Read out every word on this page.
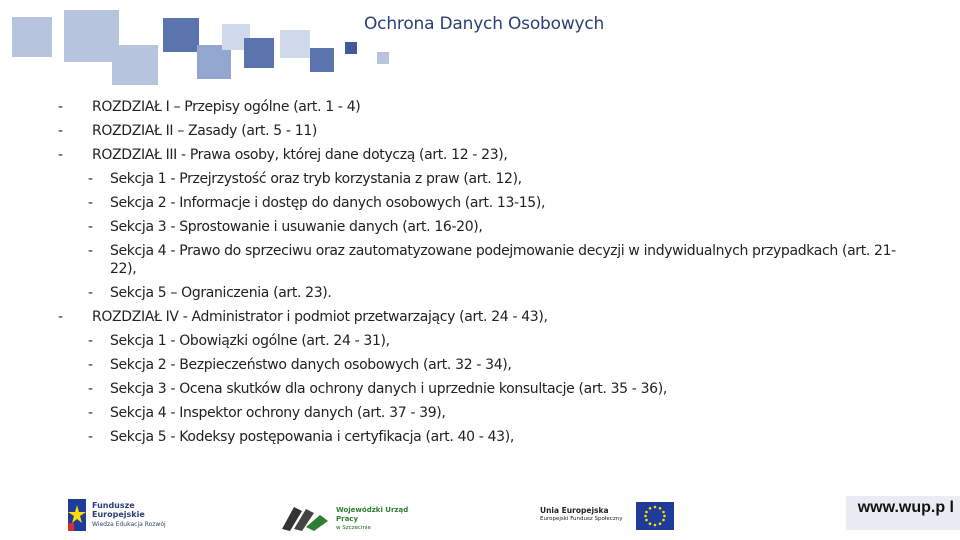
Ochrona Danych Osobowych
-	ROZDZIAŁ I – Przepisy ogólne (art. 1 - 4)
-	ROZDZIAŁ II – Zasady (art. 5 - 11)
-	ROZDZIAŁ III - Prawa osoby, której dane dotyczą (art. 12 - 23),
-	Sekcja 1 - Przejrzystość oraz tryb korzystania z praw (art. 12),
-	Sekcja 2 - Informacje i dostęp do danych osobowych (art. 13-15),
-	Sekcja 3 - Sprostowanie i usuwanie danych (art. 16-20),
-	Sekcja 4 - Prawo do sprzeciwu oraz zautomatyzowane podejmowanie decyzji w indywidualnych przypadkach (art. 21-22),
-	Sekcja 5 – Ograniczenia (art. 23).
-	ROZDZIAŁ IV - Administrator i podmiot przetwarzający (art. 24 - 43),
-	Sekcja 1 - Obowiązki ogólne (art. 24 - 31),
-	Sekcja 2 - Bezpieczeństwo danych osobowych (art. 32 - 34),
-	Sekcja 3 - Ocena skutków dla ochrony danych i uprzednie konsultacje (art. 35 - 36),
-	Sekcja 4 - Inspektor ochrony danych (art. 37 - 39),
-	Sekcja 5 - Kodeksy postępowania i certyfikacja (art. 40 - 43),
Fundusze
Europejskie
Wiedza Edukacja Rozwój
Wojewódzki Urząd Pracy
w Szczecinie
Unia Europejska
Europejski Fundusz Społeczny
www.wup.p l
